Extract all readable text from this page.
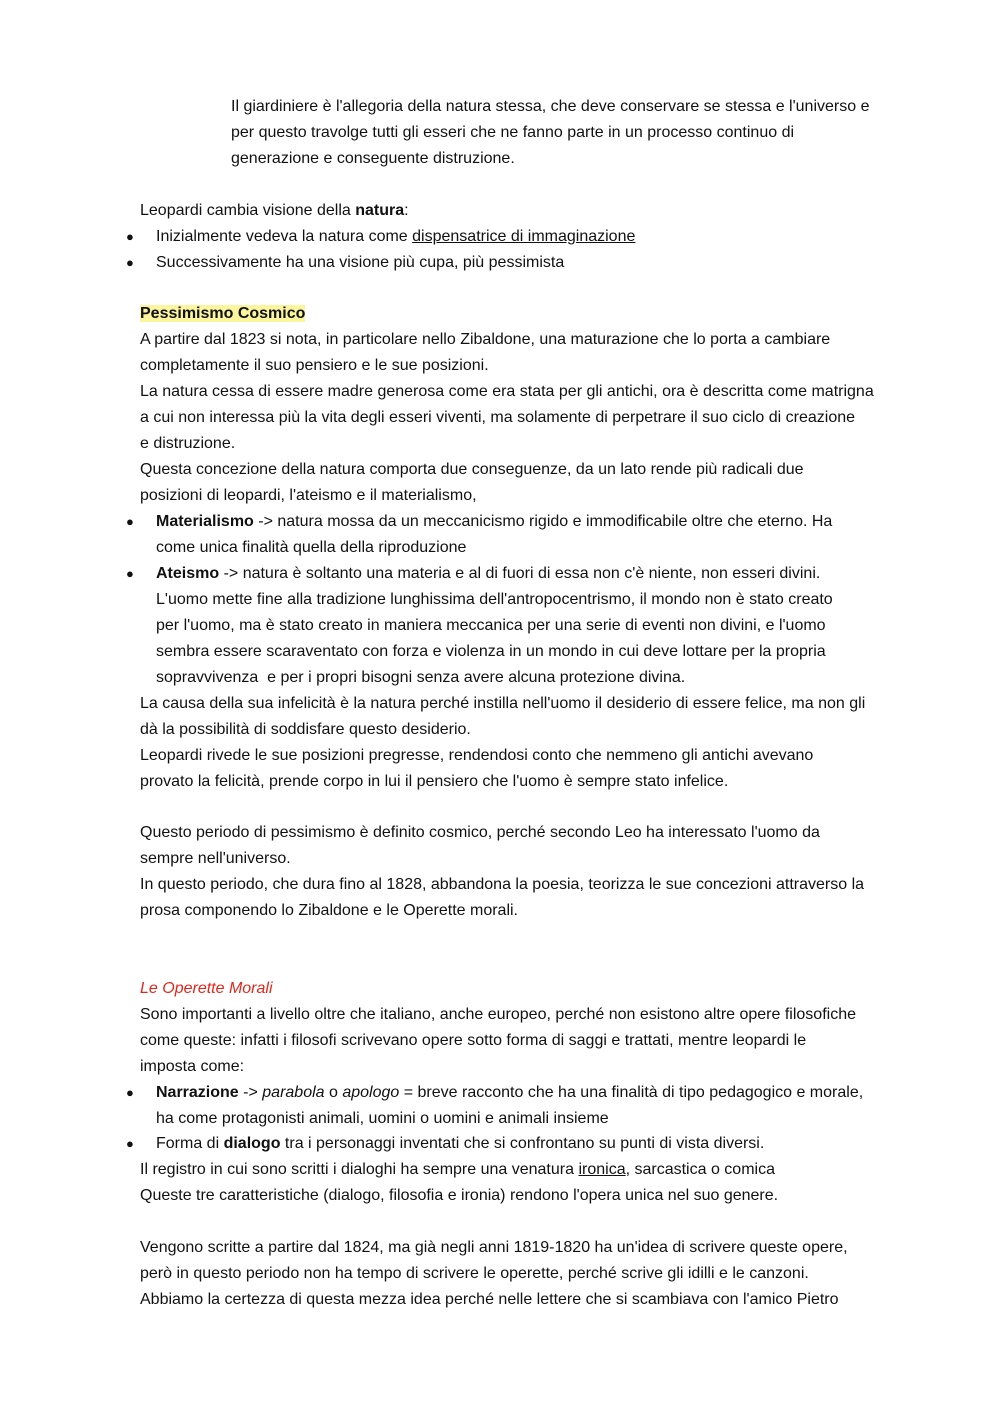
Il giardiniere è l'allegoria della natura stessa, che deve conservare se stessa e l'universo e
per questo travolge tutti gli esseri che ne fanno parte in un processo continuo di
generazione e conseguente distruzione.
Leopardi cambia visione della natura:
● Inizialmente vedeva la natura come dispensatrice di immaginazione
● Successivamente ha una visione più cupa, più pessimista
Pessimismo Cosmico
A partire dal 1823 si nota, in particolare nello Zibaldone, una maturazione che lo porta a cambiare
completamente il suo pensiero e le sue posizioni.
La natura cessa di essere madre generosa come era stata per gli antichi, ora è descritta come matrigna
a cui non interessa più la vita degli esseri viventi, ma solamente di perpetrare il suo ciclo di creazione
e distruzione.
Questa concezione della natura comporta due conseguenze, da un lato rende più radicali due
posizioni di leopardi, l'ateismo e il materialismo,
● Materialismo -> natura mossa da un meccanicismo rigido e immodificabile oltre che eterno. Ha
come unica finalità quella della riproduzione
● Ateismo -> natura è soltanto una materia e al di fuori di essa non c'è niente, non esseri divini.
L'uomo mette fine alla tradizione lunghissima dell'antropocentrismo, il mondo non è stato creato
per l'uomo, ma è stato creato in maniera meccanica per una serie di eventi non divini, e l'uomo
sembra essere scaraventato con forza e violenza in un mondo in cui deve lottare per la propria
sopravvivenza  e per i propri bisogni senza avere alcuna protezione divina.
La causa della sua infelicità è la natura perché instilla nell'uomo il desiderio di essere felice, ma non gli
dà la possibilità di soddisfare questo desiderio.
Leopardi rivede le sue posizioni pregresse, rendendosi conto che nemmeno gli antichi avevano
provato la felicità, prende corpo in lui il pensiero che l'uomo è sempre stato infelice.
Questo periodo di pessimismo è definito cosmico, perché secondo Leo ha interessato l'uomo da
sempre nell'universo.
In questo periodo, che dura fino al 1828, abbandona la poesia, teorizza le sue concezioni attraverso la
prosa componendo lo Zibaldone e le Operette morali.
Le Operette Morali
Sono importanti a livello oltre che italiano, anche europeo, perché non esistono altre opere filosofiche
come queste: infatti i filosofi scrivevano opere sotto forma di saggi e trattati, mentre leopardi le
imposta come:
● Narrazione -> parabola o apologo = breve racconto che ha una finalità di tipo pedagogico e morale,
ha come protagonisti animali, uomini o uomini e animali insieme
● Forma di dialogo tra i personaggi inventati che si confrontano su punti di vista diversi.
Il registro in cui sono scritti i dialoghi ha sempre una venatura ironica, sarcastica o comica
Queste tre caratteristiche (dialogo, filosofia e ironia) rendono l'opera unica nel suo genere.
Vengono scritte a partire dal 1824, ma già negli anni 1819-1820 ha un'idea di scrivere queste opere,
però in questo periodo non ha tempo di scrivere le operette, perché scrive gli idilli e le canzoni.
Abbiamo la certezza di questa mezza idea perché nelle lettere che si scambiava con l'amico Pietro
